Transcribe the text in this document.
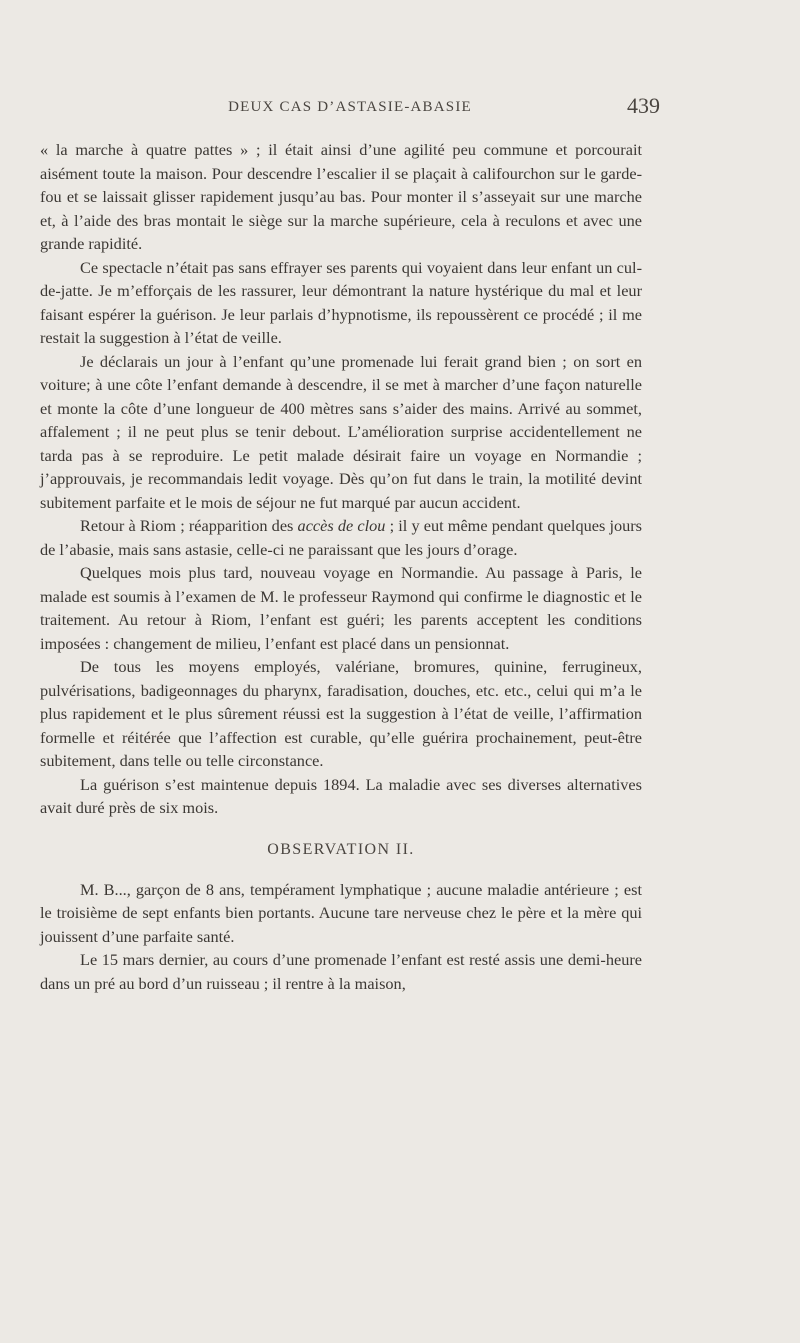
DEUX CAS D’ASTASIE-ABASIE	439

« la marche à quatre pattes » ; il était ainsi d’une agilité peu commune et porcourait aisément toute la maison. Pour descendre l’escalier il se plaçait à califourchon sur le garde-fou et se laissait glisser rapidement jusqu’au bas. Pour monter il s’asseyait sur une marche et, à l’aide des bras montait le siège sur la marche supérieure, cela à reculons et avec une grande rapidité.

Ce spectacle n’était pas sans effrayer ses parents qui voyaient dans leur enfant un cul-de-jatte. Je m’efforçais de les rassurer, leur démontrant la nature hystérique du mal et leur faisant espérer la guérison. Je leur parlais d’hypnotisme, ils repoussèrent ce procédé ; il me restait la suggestion à l’état de veille.

Je déclarais un jour à l’enfant qu’une promenade lui ferait grand bien ; on sort en voiture; à une côte l’enfant demande à descendre, il se met à marcher d’une façon naturelle et monte la côte d’une longueur de 400 mètres sans s’aider des mains. Arrivé au sommet, affalement ; il ne peut plus se tenir debout. L’amélioration surprise accidentellement ne tarda pas à se reproduire. Le petit malade désirait faire un voyage en Normandie ; j’approuvais, je recommandais ledit voyage. Dès qu’on fut dans le train, la motilité devint subitement parfaite et le mois de séjour ne fut marqué par aucun accident.

Retour à Riom ; réapparition des accès de clou ; il y eut même pendant quelques jours de l’abasie, mais sans astasie, celle-ci ne paraissant que les jours d’orage.

Quelques mois plus tard, nouveau voyage en Normandie. Au passage à Paris, le malade est soumis à l’examen de M. le professeur Raymond qui confirme le diagnostic et le traitement. Au retour à Riom, l’enfant est guéri; les parents acceptent les conditions imposées : changement de milieu, l’enfant est placé dans un pensionnat.

De tous les moyens employés, valériane, bromures, quinine, ferrugineux, pulvérisations, badigeonnages du pharynx, faradisation, douches, etc. etc., celui qui m’a le plus rapidement et le plus sûrement réussi est la suggestion à l’état de veille, l’affirmation formelle et réitérée que l’affection est curable, qu’elle guérira prochainement, peut-être subitement, dans telle ou telle circonstance.

La guérison s’est maintenue depuis 1894. La maladie avec ses diverses alternatives avait duré près de six mois.

OBSERVATION II.

M. B..., garçon de 8 ans, tempérament lymphatique ; aucune maladie antérieure ; est le troisième de sept enfants bien portants. Aucune tare nerveuse chez le père et la mère qui jouissent d’une parfaite santé.

Le 15 mars dernier, au cours d’une promenade l’enfant est resté assis une demi-heure dans un pré au bord d’un ruisseau ; il rentre à la maison,
